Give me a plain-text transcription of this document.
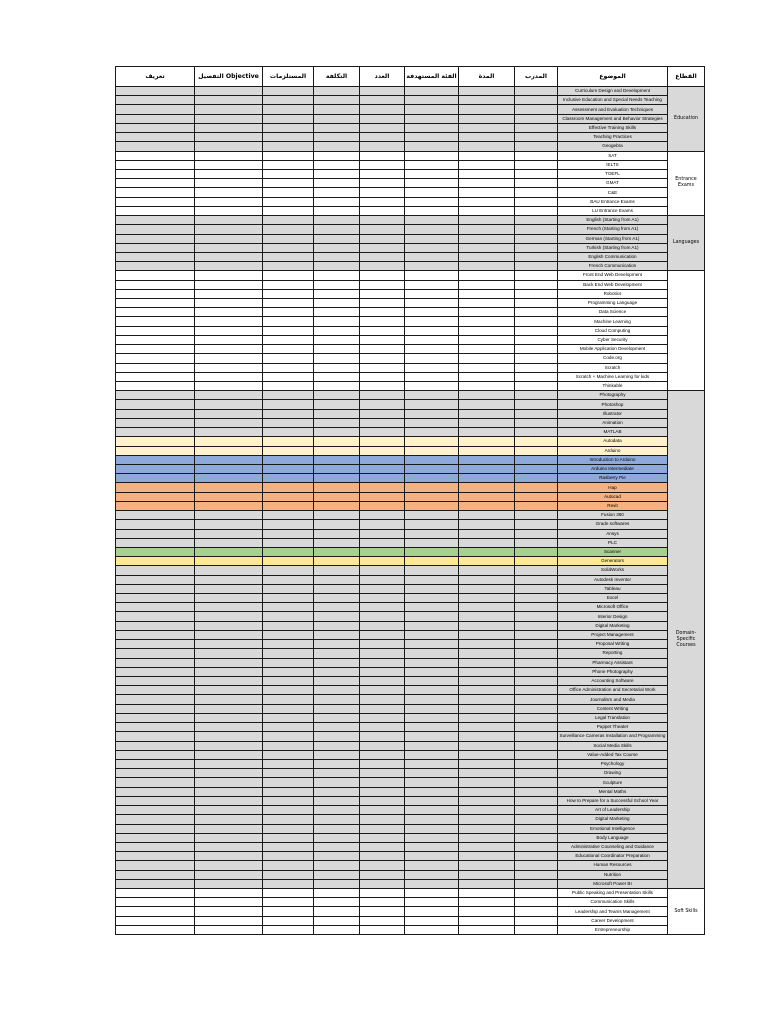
تعريف	التفصيل Objective	المستلزمات	التكلفة	العدد	الفئة المستهدفة	المدة	المدرب	الموضوع	القطاع
								Curriculum Design and Development	Education
								Inclusive Education and Special Needs Teaching	
								Assessment and Evaluation Techniques	
								Classroom Management and Behavior Strategies	
								Effective Training Skills	
								Teaching Practices	
								Geogebra	
								SAT	Entrance Exams
								IELTS	
								TOEFL	
								GMAT	
								C&E	
								BAU Entrance Exams	
								LU Entrance Exams	
								English (Starting from A1)	Languages
								French (Starting from A1)	
								German (Starting from A1)	
								Turkish (Starting from A1)	
								English Communication	
								French Communication	
								Front End Web Development	
								Back End Web Development	
								Robotics	
								Programming Language	
								Data Science	
								Machine Learning	
								Cloud Computing	
								Cyber Security	
								Mobile Application Development	
								Code.org	
								Scratch	
								Scratch + Machine Learning for kids	
								Thinkable	
								Photography	Domain-Specific Courses
								Photoshop	
								Illustrator	
								Animation	
								MATLAB	
								Autodata	
								Arduino	
								Introduction to Arduino	
								Arduino Intermediate	
								Rasberry Pie	
								Hap	
								Autocad	
								Revit	
								Fusion 360	
								Grade softwares	
								Ansys	
								PLC	
								Scanner	
								Generators	
								SolidWorks	
								Autodesk Inventor	
								Tableau	
								Excel	
								Microsoft Office	
								Interior Design	
								Digital Marketing	
								Project Management	
								Proposal Writing	
								Reporting	
								Pharmacy Assistant	
								Phone Photography	
								Accounting Software	
								Office Administration and Secretarial Work	
								Journalism and Media	
								Content Writing	
								Legal Translation	
								Puppet Theater	
								Surveillance Cameras Installation and Programming	
								Social Media Skills	
								Value-Added Tax Course	
								Psychology	
								Drawing	
								Sculpture	
								Mental Maths	
								How to Prepare for a Successful School Year	
								Art of Leadership	
								Digital Marketing	
								Emotional Intelligence	
								Body Language	
								Administrative Counseling and Guidance	
								Educational Coordinator Preparation	
								Human Resources	
								Nutrition	
								Microsoft Power BI	
								Public Speaking and Presentation Skills	Soft Skills
								Communication Skills	
								Leadership and Teams Management	
								Career Development	
								Entrepreneurship	
